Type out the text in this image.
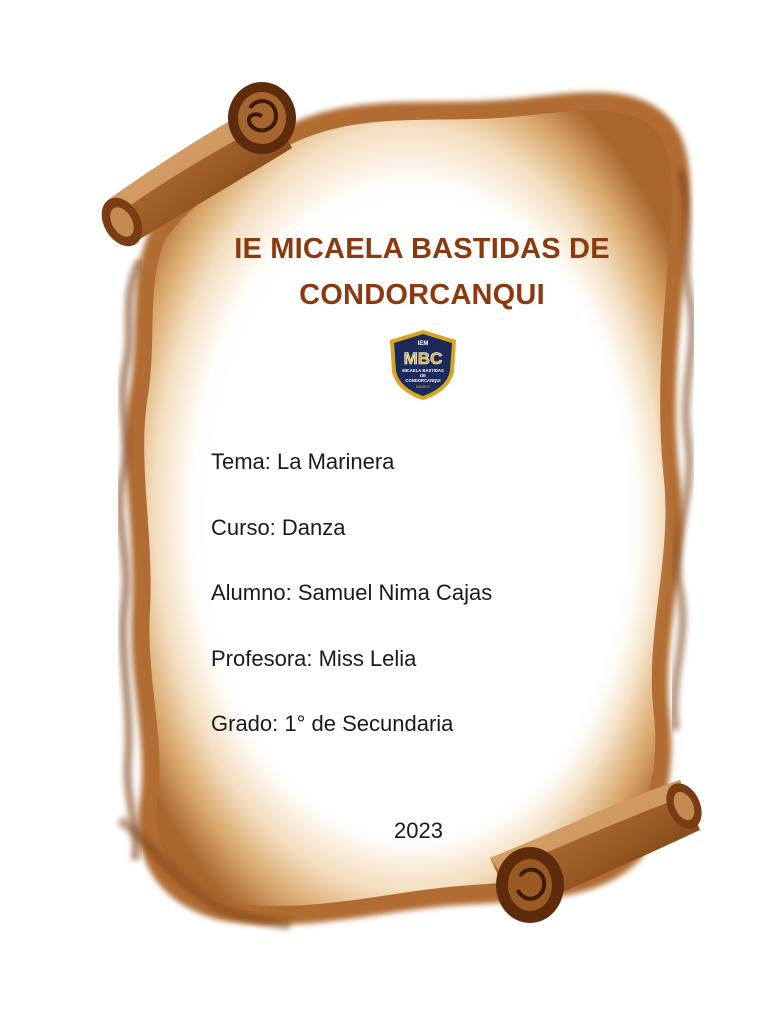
IE MICAELA BASTIDAS DE
CONDORCANQUI
IEM
MBC
MICAELA BASTIDAS
DE
CONDORCANQUI
SAMBOS
Tema: La Marinera
Curso: Danza
Alumno: Samuel Nima Cajas
Profesora: Miss Lelia
Grado: 1° de Secundaria
2023
